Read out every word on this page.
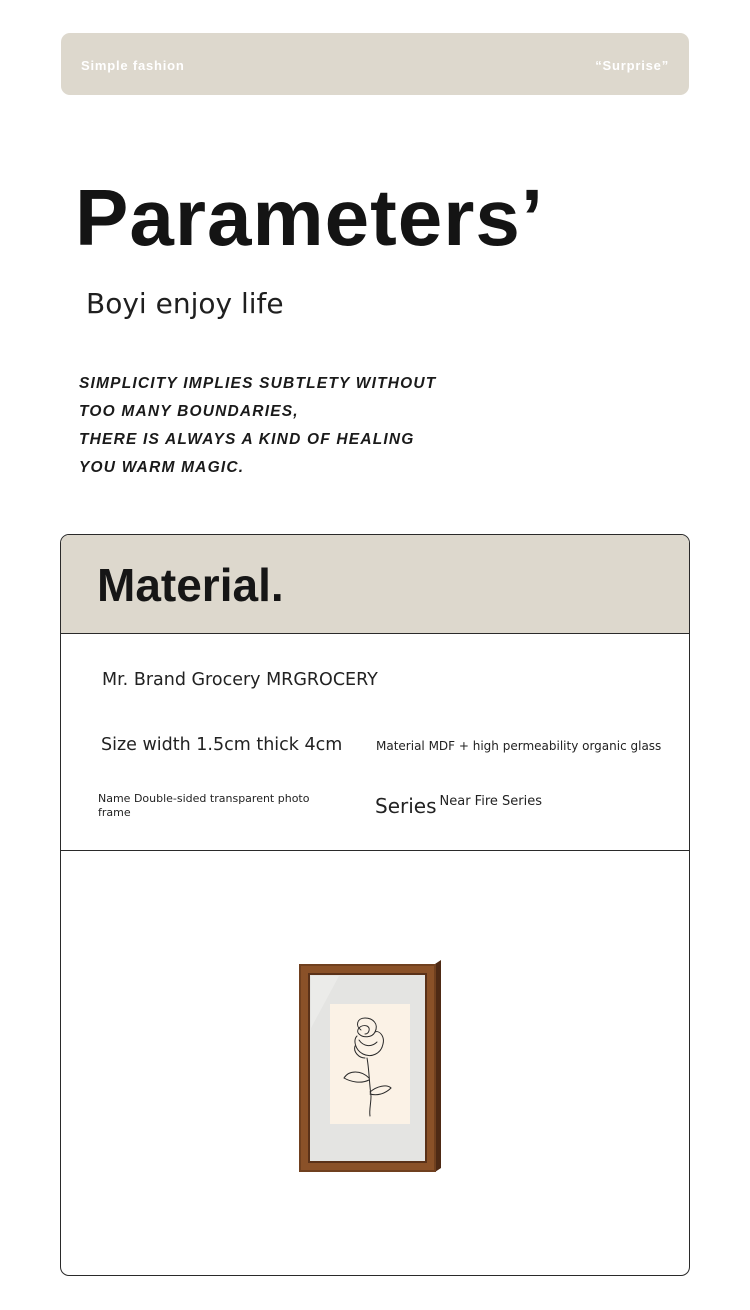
Simple fashion	“Surprise”
Parameters’
Boyi enjoy life
SIMPLICITY IMPLIES SUBTLETY WITHOUT
TOO MANY BOUNDARIES,
THERE IS ALWAYS A KIND OF HEALING
YOU WARM MAGIC.
Material.
Mr. Brand Grocery MRGROCERY
Size width 1.5cm thick 4cm	Material MDF + high permeability organic glass
Name Double-sided transparent photo frame	Series $^{Near Fire Series}$
